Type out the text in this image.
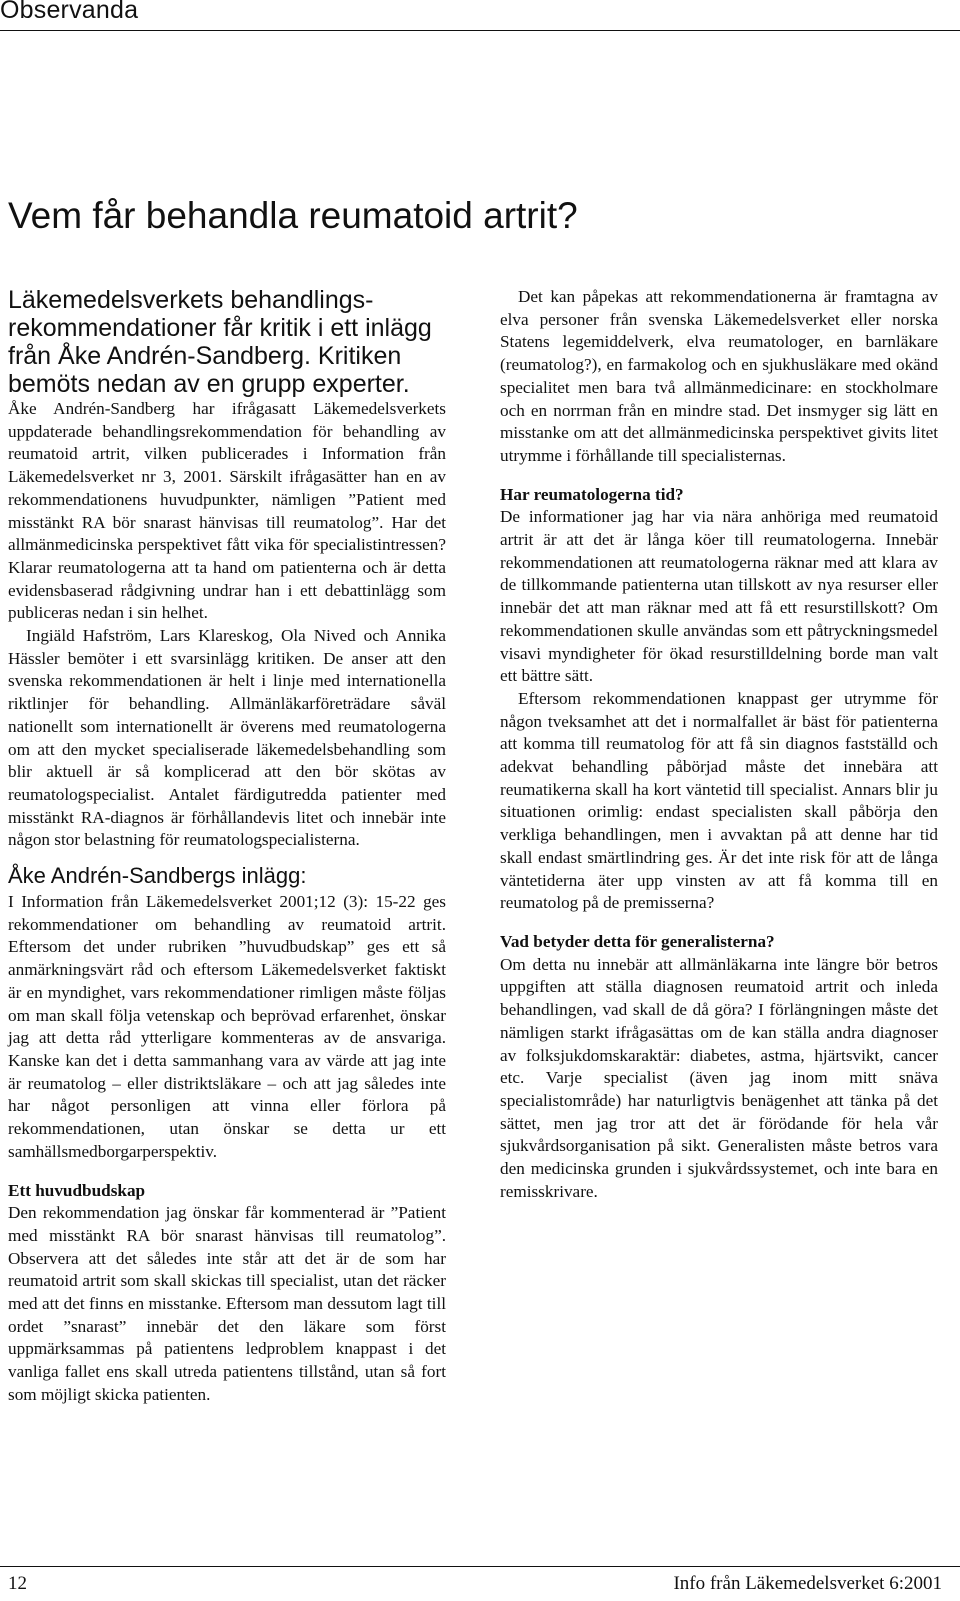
Observanda
Vem får behandla reumatoid artrit?
Läkemedelsverkets behandlings-rekommendationer får kritik i ett inlägg från Åke Andrén-Sandberg. Kritiken bemöts nedan av en grupp experter.

Åke Andrén-Sandberg har ifrågasatt Läkemedelsverkets uppdaterade behandlingsrekommendation för behandling av reumatoid artrit, vilken publicerades i Information från Läkemedelsverket nr 3, 2001. Särskilt ifrågasätter han en av rekommendationens huvudpunkter, nämligen ”Patient med misstänkt RA bör snarast hänvisas till reumatolog”. Har det allmänmedicinska perspektivet fått vika för specialistintressen? Klarar reumatologerna att ta hand om patienterna och är detta evidensbaserad rådgivning undrar han i ett debattinlägg som publiceras nedan i sin helhet.

Ingiäld Hafström, Lars Klareskog, Ola Nived och Annika Hässler bemöter i ett svarsinlägg kritiken. De anser att den svenska rekommendationen är helt i linje med internationella riktlinjer för behandling. Allmänläkarföreträdare såväl nationellt som internationellt är överens med reumatologerna om att den mycket specialiserade läkemedelsbehandling som blir aktuell är så komplicerad att den bör skötas av reumatologspecialist. Antalet färdigutredda patienter med misstänkt RA-diagnos är förhållandevis litet och innebär inte någon stor belastning för reumatologspecialisterna.

Åke Andrén-Sandbergs inlägg:

I Information från Läkemedelsverket 2001;12 (3): 15-22 ges rekommendationer om behandling av reumatoid artrit. Eftersom det under rubriken ”huvudbudskap” ges ett så anmärkningsvärt råd och eftersom Läkemedelsverket faktiskt är en myndighet, vars rekommendationer rimligen måste följas om man skall följa vetenskap och beprövad erfarenhet, önskar jag att detta råd ytterligare kommenteras av de ansvariga. Kanske kan det i detta sammanhang vara av värde att jag inte är reumatolog – eller distriktsläkare – och att jag således inte har något personligen att vinna eller förlora på rekommendationen, utan önskar se detta ur ett samhällsmedborgarperspektiv.

Ett huvudbudskap

Den rekommendation jag önskar får kommenterad är ”Patient med misstänkt RA bör snarast hänvisas till reumatolog”. Observera att det således inte står att det är de som har reumatoid artrit som skall skickas till specialist, utan det räcker med att det finns en misstanke. Eftersom man dessutom lagt till ordet ”snarast” innebär det den läkare som först uppmärksammas på patientens ledproblem knappast i det vanliga fallet ens skall utreda patientens tillstånd, utan så fort som möjligt skicka patienten.

Det kan påpekas att rekommendationerna är framtagna av elva personer från svenska Läkemedelsverket eller norska Statens legemiddelverk, elva reumatologer, en barnläkare (reumatolog?), en farmakolog och en sjukhusläkare med okänd specialitet men bara två allmänmedicinare: en stockholmare och en norrman från en mindre stad. Det insmyger sig lätt en misstanke om att det allmänmedicinska perspektivet givits litet utrymme i förhållande till specialisternas.

Har reumatologerna tid?

De informationer jag har via nära anhöriga med reumatoid artrit är att det är långa köer till reumatologerna. Innebär rekommendationen att reumatologerna räknar med att klara av de tillkommande patienterna utan tillskott av nya resurser eller innebär det att man räknar med att få ett resurstillskott? Om rekommendationen skulle användas som ett påtryckningsmedel visavi myndigheter för ökad resurstilldelning borde man valt ett bättre sätt.

Eftersom rekommendationen knappast ger utrymme för någon tveksamhet att det i normalfallet är bäst för patienterna att komma till reumatolog för att få sin diagnos fastställd och adekvat behandling påbörjad måste det innebära att reumatikerna skall ha kort väntetid till specialist. Annars blir ju situationen orimlig: endast specialisten skall påbörja den verkliga behandlingen, men i avvaktan på att denne har tid skall endast smärtlindring ges. Är det inte risk för att de långa väntetiderna äter upp vinsten av att få komma till en reumatolog på de premisserna?

Vad betyder detta för generalisterna?

Om detta nu innebär att allmänläkarna inte längre bör betros uppgiften att ställa diagnosen reumatoid artrit och inleda behandlingen, vad skall de då göra? I förlängningen måste det nämligen starkt ifrågasättas om de kan ställa andra diagnoser av folksjukdomskaraktär: diabetes, astma, hjärtsvikt, cancer etc. Varje specialist (även jag inom mitt snäva specialistområde) har naturligtvis benägenhet att tänka på det sättet, men jag tror att det är förödande för hela vår sjukvårdsorganisation på sikt. Generalisten måste betros vara den medicinska grunden i sjukvårdssystemet, och inte bara en remisskrivare.

12	Info från Läkemedelsverket 6:2001
